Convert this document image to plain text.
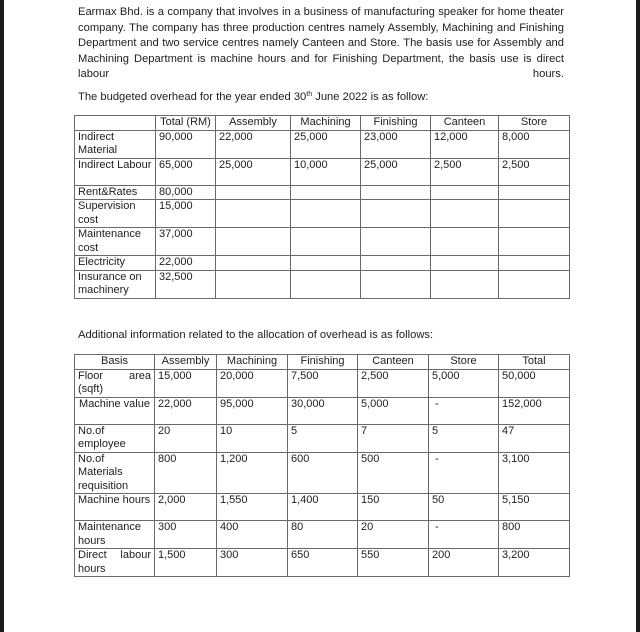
Earmax Bhd. is a company that involves in a business of manufacturing speaker for home theater company. The company has three production centres namely Assembly, Machining and Finishing Department and two service centres namely Canteen and Store. The basis use for Assembly and Machining Department is machine hours and for Finishing Department, the basis use is direct labour hours.

The budgeted overhead for the year ended 30th June 2022 is as follow:

	Total (RM)	Assembly	Machining	Finishing	Canteen	Store
Indirect Material	90,000	22,000	25,000	23,000	12,000	8,000
Indirect Labour	65,000	25,000	10,000	25,000	2,500	2,500
Rent&Rates	80,000					
Supervision cost	15,000					
Maintenance cost	37,000					
Electricity	22,000					

Insurance on
machinery	32,500					

Additional information related to the allocation of overhead is as follows:

Basis	Assembly	Machining	Finishing	Canteen	Store	Total

Floor area
(sqft)	15,000	20,000	7,500	2,500	5,000	50,000
Machine value	22,000	95,000	30,000	5,000	-	152,000
No.of employee	20	10	5	7	5	47
No.of Materials requisition	800	1,200	600	500	-	3,100
Machine hours	2,000	1,550	1,400	150	50	5,150
Maintenance hours	300	400	80	20	-	800

Direct labour
hours	1,500	300	650	550	200	3,200
